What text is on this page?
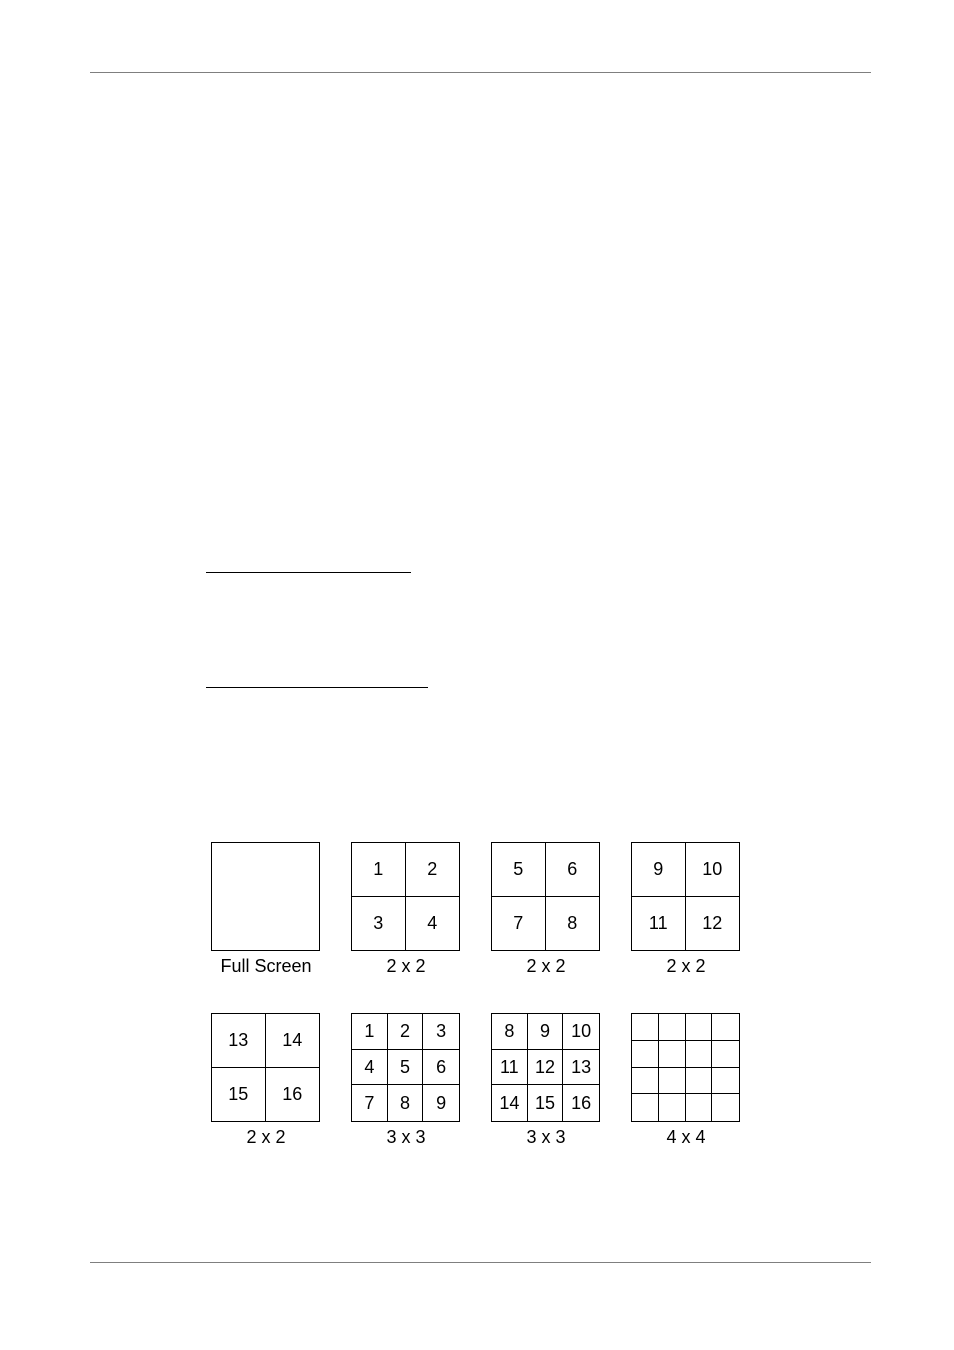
Full Screen
1	2
3	4
2 x 2
5	6
7	8
2 x 2
9	10
11	12
2 x 2
13	14
15	16
2 x 2
1	2	3
4	5	6
7	8	9
3 x 3
8	9	10
11 12 13
14 15 16
3 x 3	4 x 4
